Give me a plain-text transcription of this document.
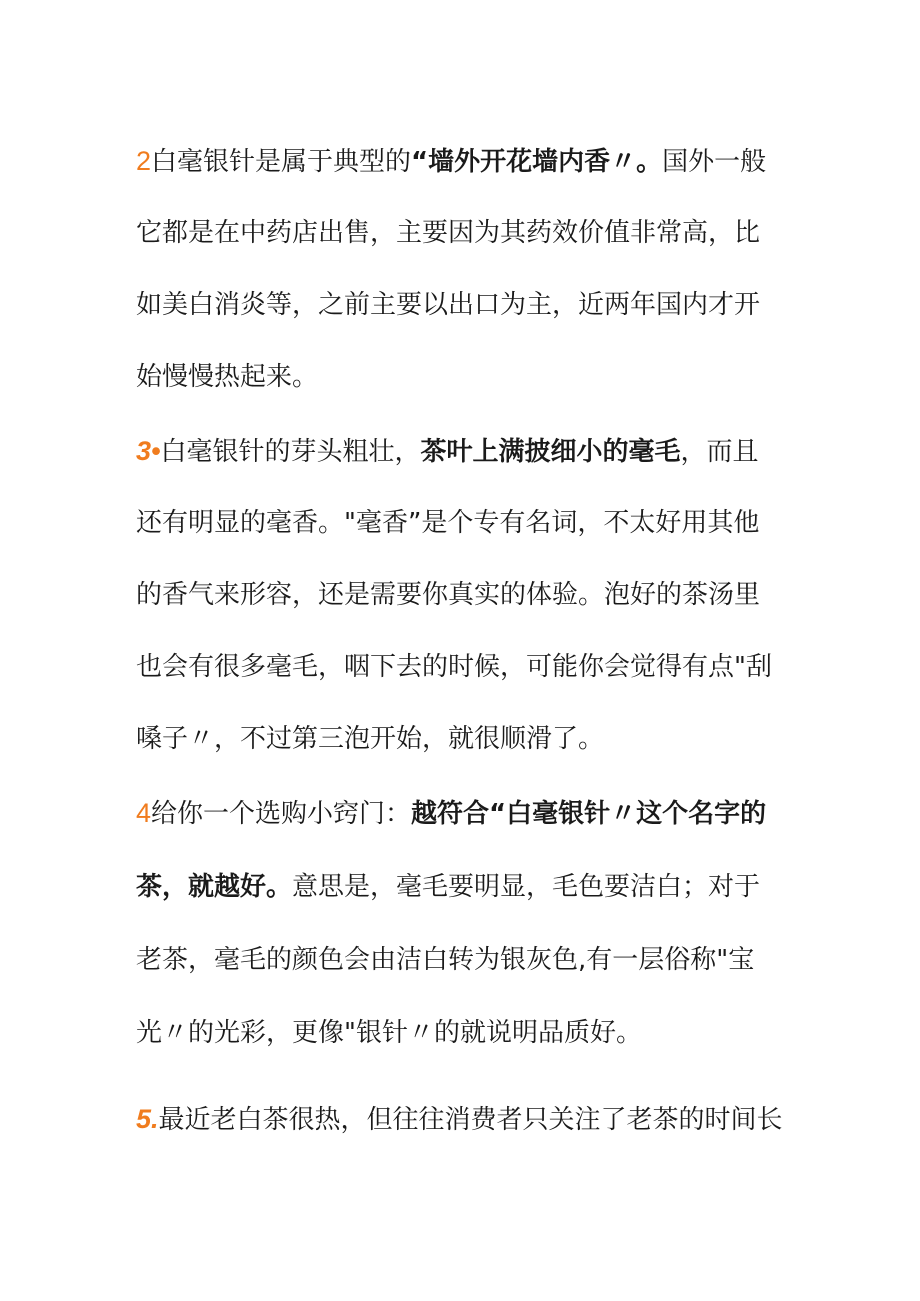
2白毫银针是属于典型的“墙外开花墙内香〃。国外一般
它都是在中药店出售，主要因为其药效价值非常高，比
如美白消炎等，之前主要以出口为主，近两年国内才开
始慢慢热起来。
3•白毫银针的芽头粗壮，茶叶上满披细小的毫毛，而且
还有明显的毫香。"毫香”是个专有名词，不太好用其他
的香气来形容，还是需要你真实的体验。泡好的茶汤里
也会有很多毫毛，咽下去的时候，可能你会觉得有点"刮
嗓子〃，不过第三泡开始，就很顺滑了。
4给你一个选购小窍门：越符合“白毫银针〃这个名字的
茶，就越好。意思是，毫毛要明显，毛色要洁白；对于
老茶，毫毛的颜色会由洁白转为银灰色,有一层俗称"宝
光〃的光彩，更像"银针〃的就说明品质好。
5.最近老白茶很热，但往往消费者只关注了老茶的时间长
